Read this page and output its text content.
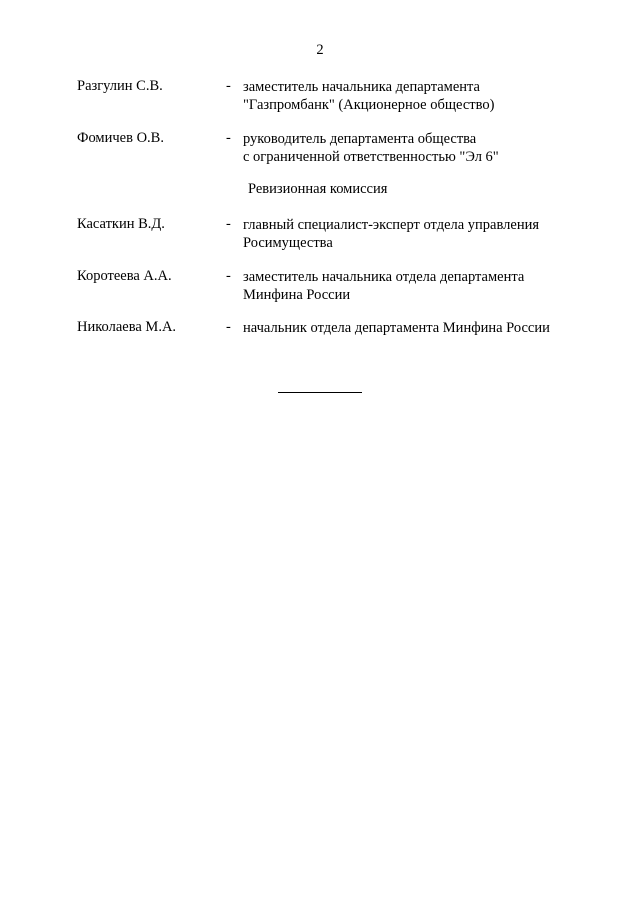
2
Разгулин С.В.	- заместитель начальника департамента
"Газпромбанк" (Акционерное общество)
Фомичев О.В.	- руководитель департамента общества
с ограниченной ответственностью "Эл 6"
Ревизионная комиссия
Касаткин В.Д.	- главный специалист-эксперт отдела управления
Росимущества
Коротеева А.А.	- заместитель начальника отдела департамента
Минфина России
Николаева М.А.	- начальник отдела департамента Минфина России
